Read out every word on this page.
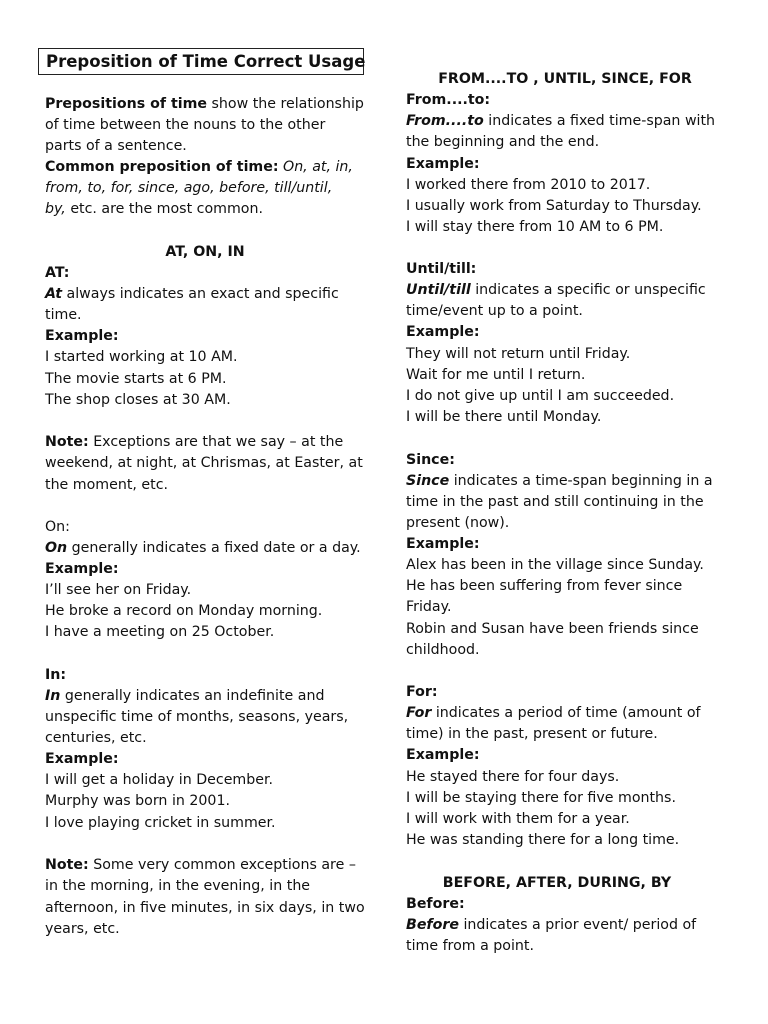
Preposition of Time Correct Usage
Prepositions of time show the relationship
of time between the nouns to the other
parts of a sentence.
Common preposition of time: On, at, in,
from, to, for, since, ago, before, till/until,
by, etc. are the most common.
AT, ON, IN
AT:
At always indicates an exact and specific
time.
Example:
I started working at 10 AM.
The movie starts at 6 PM.
The shop closes at 30 AM.
Note: Exceptions are that we say – at the
weekend, at night, at Chrismas, at Easter, at
the moment, etc.
On:
On generally indicates a fixed date or a day.
Example:
I’ll see her on Friday.
He broke a record on Monday morning.
I have a meeting on 25 October.
In:
In generally indicates an indefinite and
unspecific time of months, seasons, years,
centuries, etc.
Example:
I will get a holiday in December.
Murphy was born in 2001.
I love playing cricket in summer.
Note: Some very common exceptions are –
in the morning, in the evening, in the
afternoon, in five minutes, in six days, in two
years, etc.
FROM....TO , UNTIL, SINCE, FOR
From....to:
From....to indicates a fixed time-span with
the beginning and the end.
Example:
I worked there from 2010 to 2017.
I usually work from Saturday to Thursday.
I will stay there from 10 AM to 6 PM.
Until/till:
Until/till indicates a specific or unspecific
time/event up to a point.
Example:
They will not return until Friday.
Wait for me until I return.
I do not give up until I am succeeded.
I will be there until Monday.
Since:
Since indicates a time-span beginning in a
time in the past and still continuing in the
present (now).
Example:
Alex has been in the village since Sunday.
He has been suffering from fever since
Friday.
Robin and Susan have been friends since
childhood.
For:
For indicates a period of time (amount of
time) in the past, present or future.
Example:
He stayed there for four days.
I will be staying there for five months.
I will work with them for a year.
He was standing there for a long time.
BEFORE, AFTER, DURING, BY
Before:
Before indicates a prior event/ period of
time from a point.
